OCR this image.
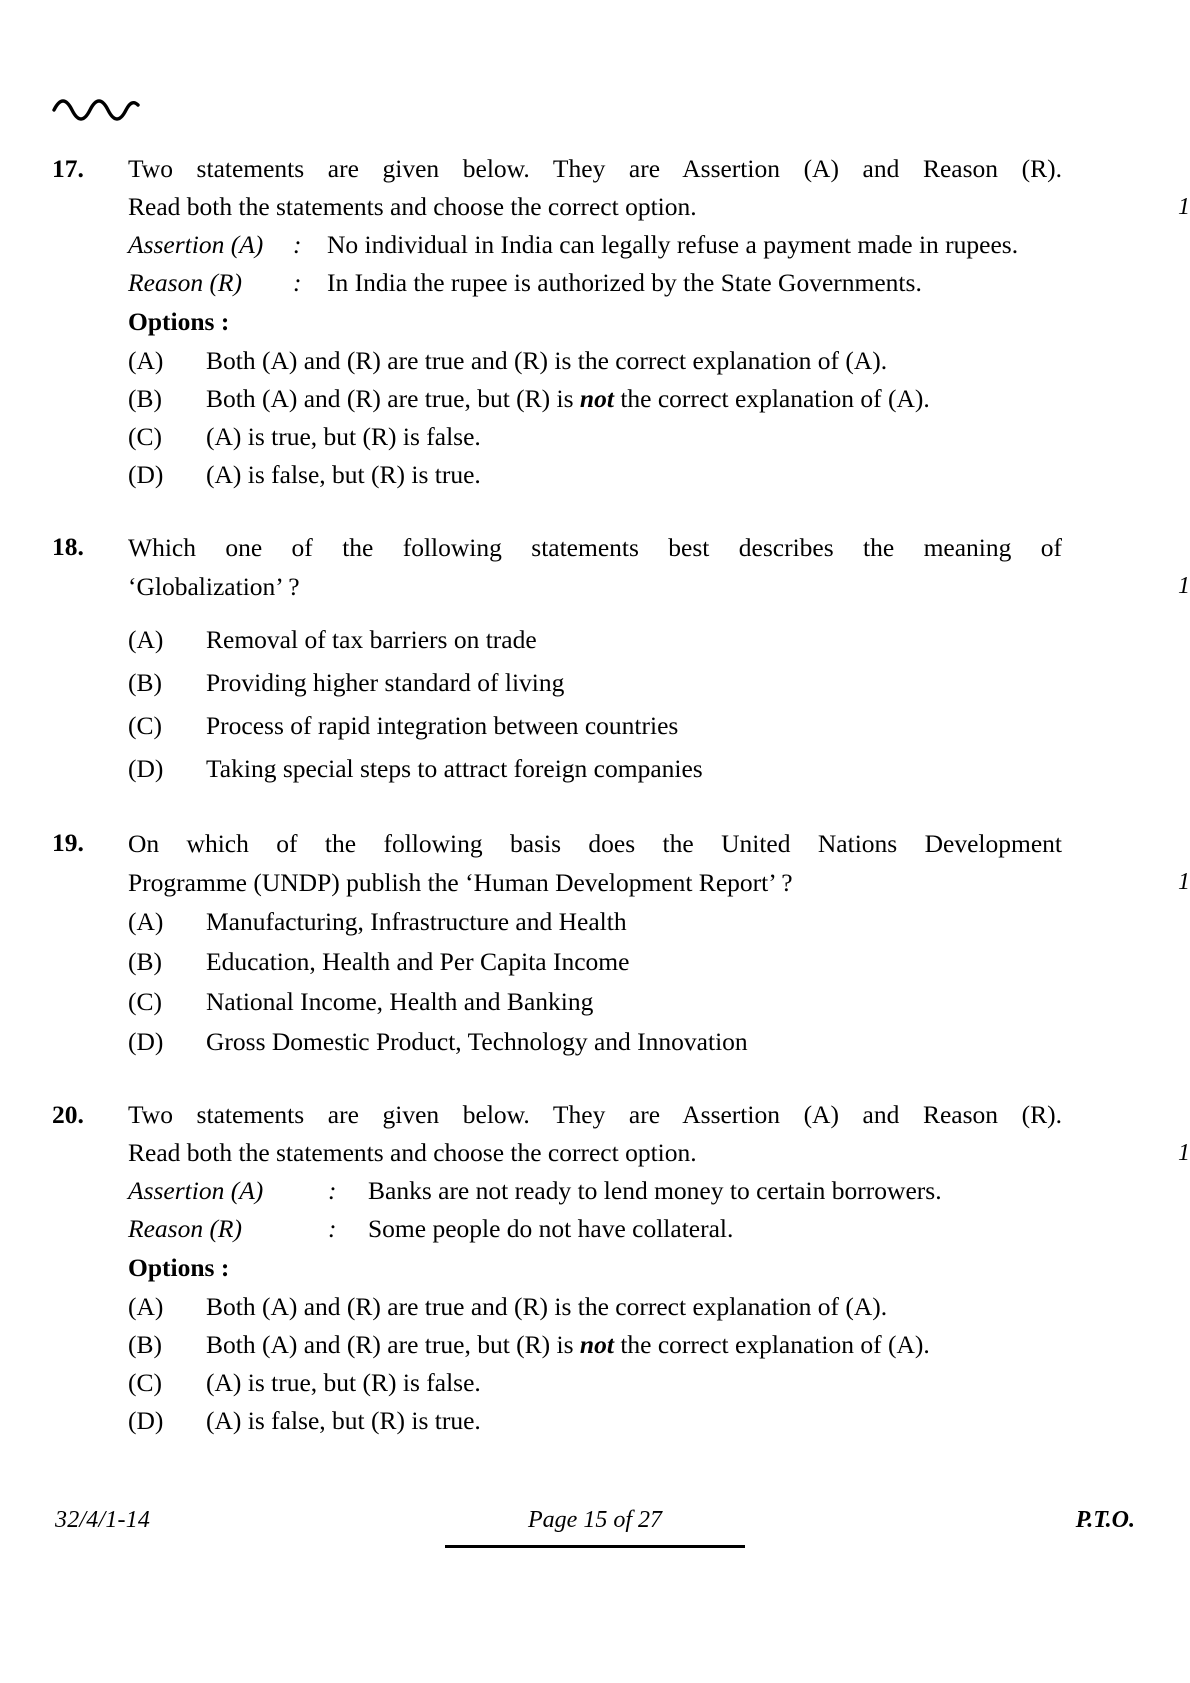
17.	Two statements are given below. They are Assertion (A) and Reason (R).
Read both the statements and choose the correct option.	1
Assertion (A)	:	No individual in India can legally refuse a payment made in rupees.
Reason (R)	:	In India the rupee is authorized by the State Governments.
Options :
(A)	Both (A) and (R) are true and (R) is the correct explanation of (A).
(B)	Both (A) and (R) are true, but (R) is not the correct explanation of (A).
(C)	(A) is true, but (R) is false.
(D)	(A) is false, but (R) is true.
18.	Which one of the following statements best describes the meaning of
‘Globalization’ ?	1
(A)	Removal of tax barriers on trade
(B)	Providing higher standard of living
(C)	Process of rapid integration between countries
(D)	Taking special steps to attract foreign companies
19.	On which of the following basis does the United Nations Development
Programme (UNDP) publish the ‘Human Development Report’ ?	1
(A)	Manufacturing, Infrastructure and Health
(B)	Education, Health and Per Capita Income
(C)	National Income, Health and Banking
(D)	Gross Domestic Product, Technology and Innovation
20.	Two statements are given below. They are Assertion (A) and Reason (R).
Read both the statements and choose the correct option.	1
Assertion (A)	:	Banks are not ready to lend money to certain borrowers.
Reason (R)	:	Some people do not have collateral.
Options :
(A)	Both (A) and (R) are true and (R) is the correct explanation of (A).
(B)	Both (A) and (R) are true, but (R) is not the correct explanation of (A).
(C)	(A) is true, but (R) is false.
(D)	(A) is false, but (R) is true.
32/4/1-14	Page 15 of 27	P.T.O.
